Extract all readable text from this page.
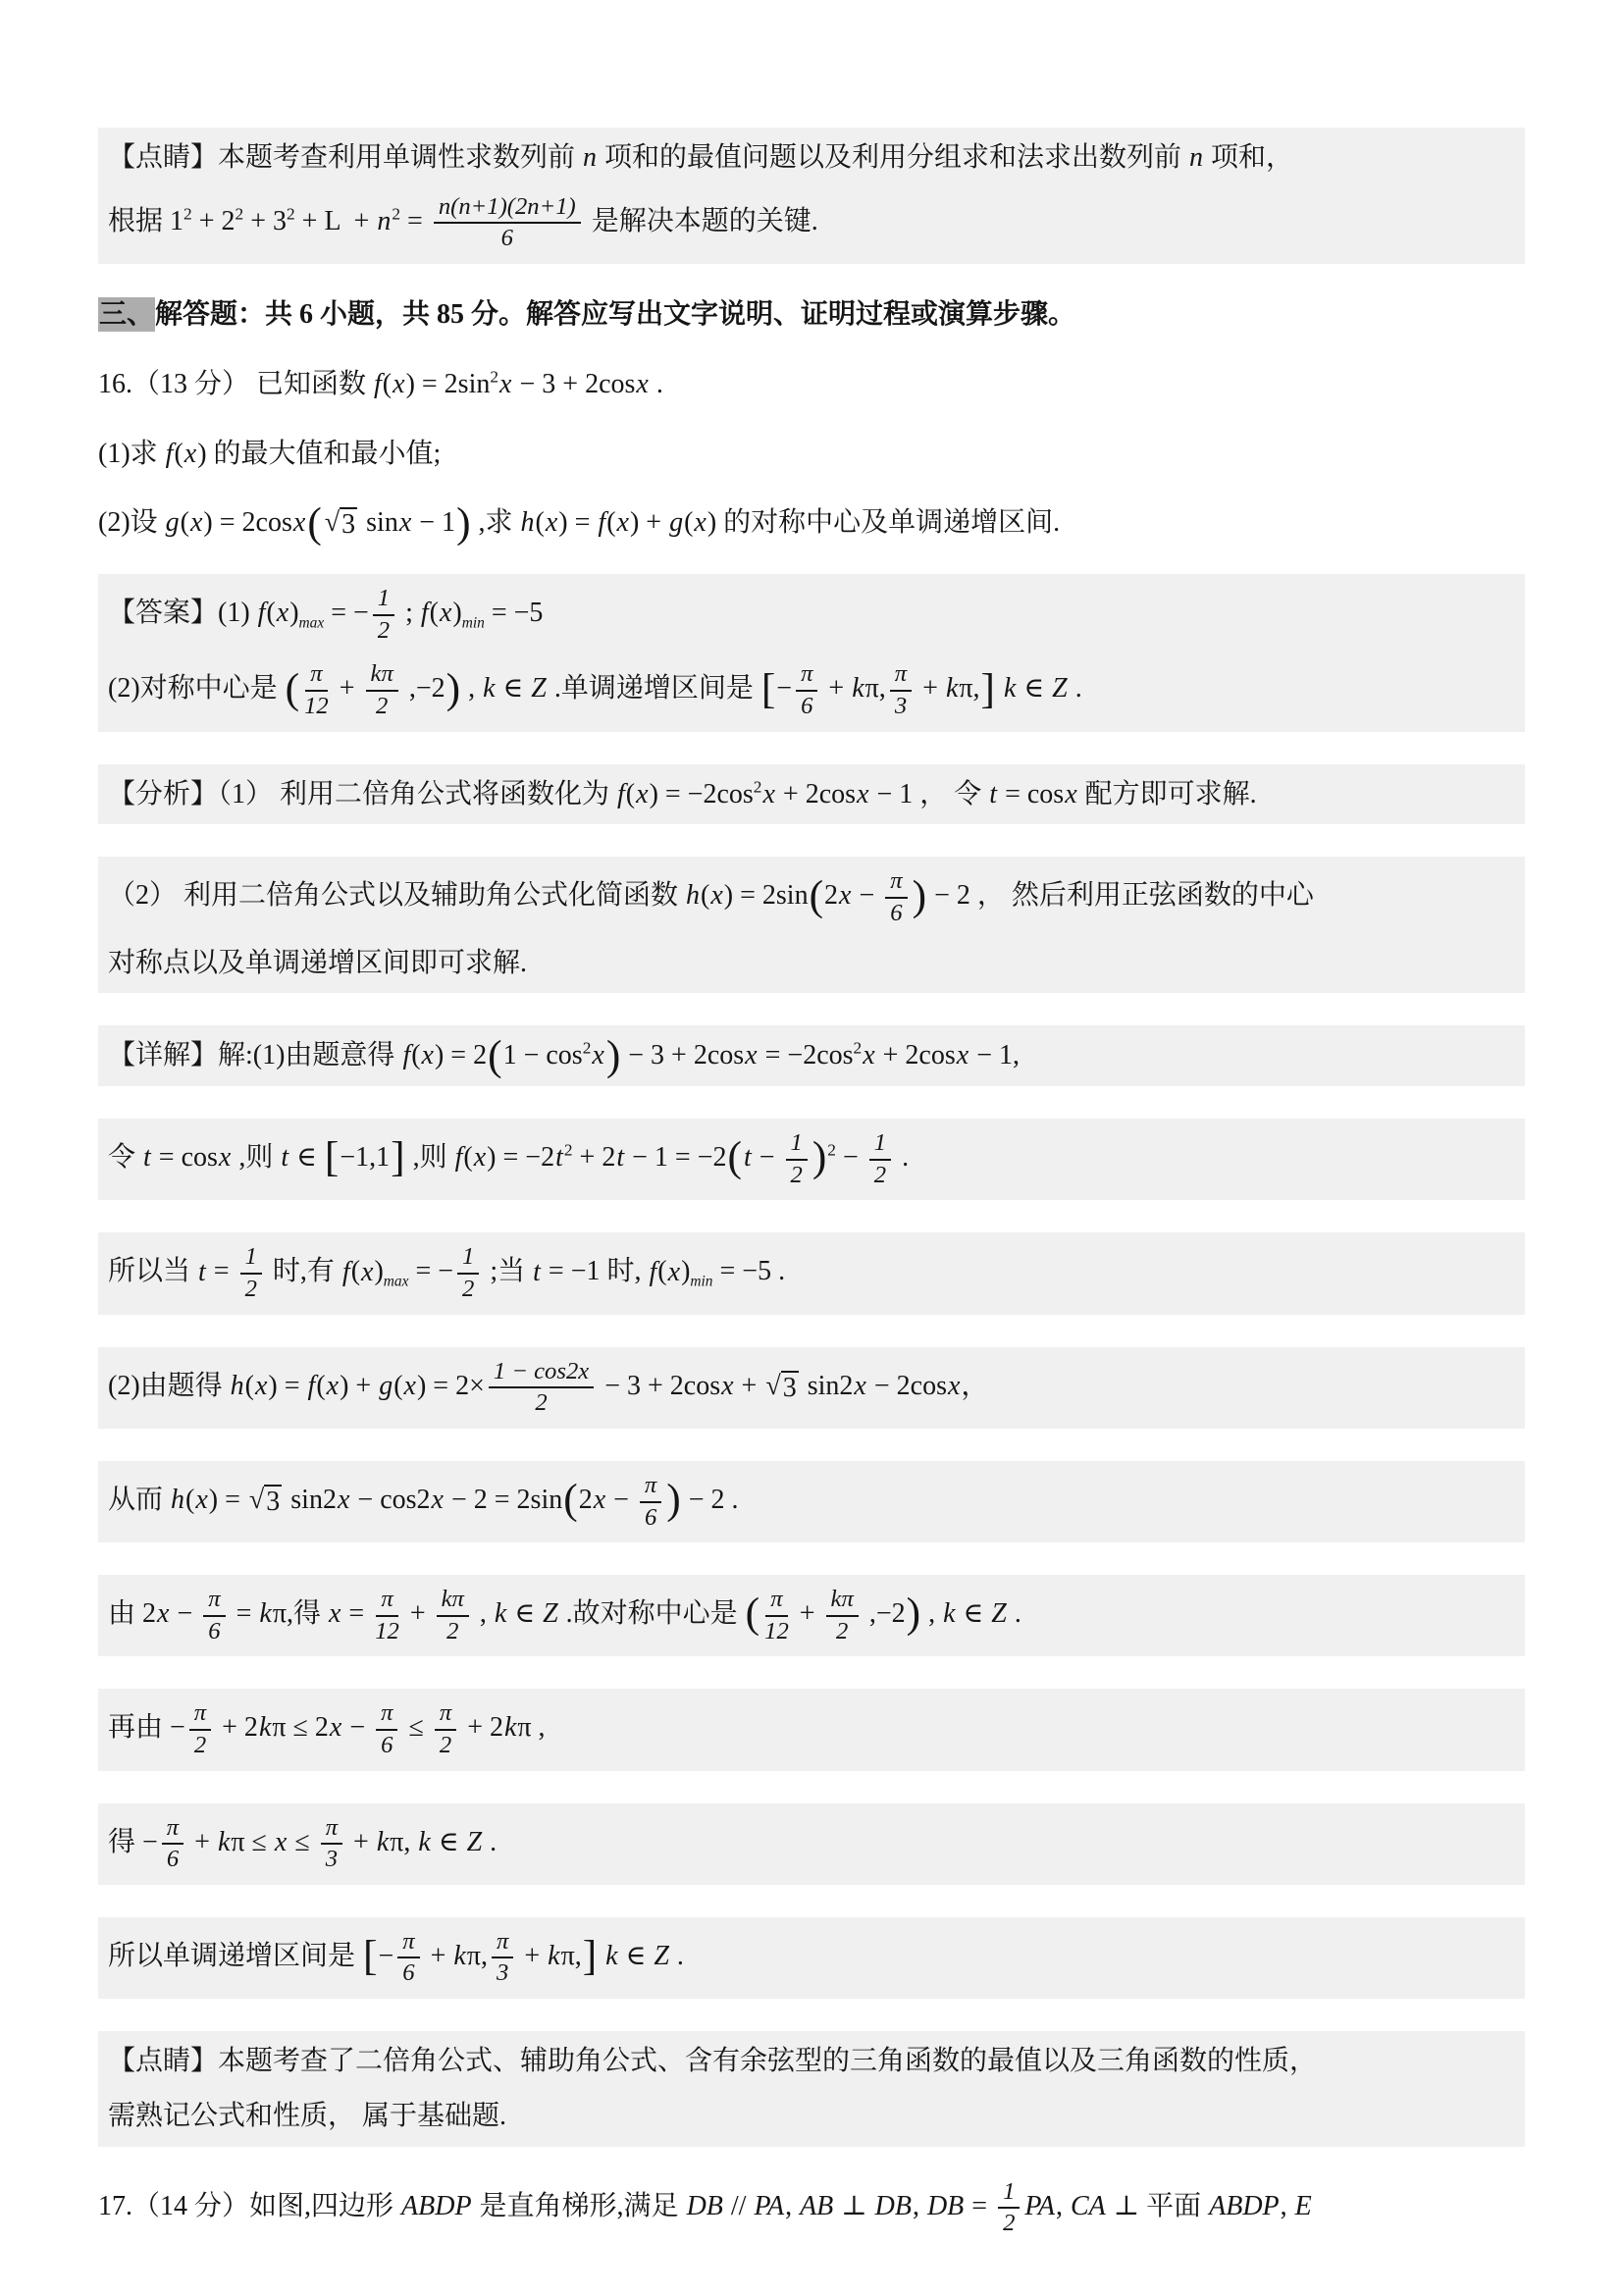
【点睛】本题考查利用单调性求数列前 n 项和的最值问题以及利用分组求和法求出数列前 n 项和，
根据 $1^2 + 2^2 + 3^2 + L + n^2 = \frac{n(n+1)(2n+1)}{6}$ 是解决本题的关键.
三、解答题：共 6 小题，共 85 分。解答应写出文字说明、证明过程或演算步骤。
16.（13 分） 已知函数 $f(x) = 2\sin^2x - 3 + 2\cos x$ .
(1)求 f(x) 的最大值和最小值;
(2)设 g(x) = 2cosx( √ 3 sinx − 1) ,求 h(x) = f(x) + g(x) 的对称中心及单调递增区间.
【答案】(1) $f(x)_{max}$ = − $\frac{1}{2}$ ; $f(x)_{min} = -5$
(2)对称中心是 ( $\frac{\pi}{12} + \frac{k\pi}{2} ,-2$) , k ∈ Z .单调递增区间是 [− $\frac{\pi}{6} + k\pi$, $\frac{\pi}{3} + k\pi$,] k ∈ Z .
【分析】（1） 利用二倍角公式将函数化为 $f(x) = -2\cos^2x + 2\cos x - 1$ ， 令 t = cosx 配方即可求解.
（2） 利用二倍角公式以及辅助角公式化简函数 $h(x) = 2\sin(2x - \frac{\pi}{6}$ ) − 2 ， 然后利用正弦函数的中心
对称点以及单调递增区间即可求解.
【详解】解:(1)由题意得 $f(x) = 2(1 - \cos^2x) - 3 + 2\cos x = -2\cos^2x + 2\cos x - 1$,
令 t = cosx ,则 t ∈ [−1,1] ,则 $f(x) = -2t^2 + 2t - 1 = -2(t - \frac{1}{2} )^2 - \frac{1}{2}$ .
所以当 $t = \frac{1}{2}$ 时,有 $f(x)_{max}$ = − $\frac{1}{2}$ ;当 t = −1 时, $f(x)_{min} = -5$ .
(2)由题得 $h(x) = f(x) + g(x) = 2\times \frac{1 - \cos 2x}{2} - 3 + 2\cos x$ + √ 3 sin2x − 2cosx，
从而 h(x) = √ 3 $\sin 2x - \cos 2x - 2 = 2\sin(2x - \frac{\pi}{6}$ ) − 2 .
由 $2x - \frac{\pi}{6} = k\pi$,得 $x = \frac{\pi}{12} + \frac{k\pi}{2}$ , k ∈ Z .故对称中心是 ( $\frac{\pi}{12} + \frac{k\pi}{2} ,-2$) , k ∈ Z .
再由 − $\frac{\pi}{2} + 2k\pi \le 2x - \frac{\pi}{6} \le \frac{\pi}{2} + 2k\pi$ ,
得 − $\frac{\pi}{6} + k\pi \le x \le \frac{\pi}{3} + k\pi$, k ∈ Z .
所以单调递增区间是 [− $\frac{\pi}{6} + k\pi$, $\frac{\pi}{3} + k\pi$,] k ∈ Z .
【点睛】本题考查了二倍角公式、辅助角公式、含有余弦型的三角函数的最值以及三角函数的性质，
需熟记公式和性质， 属于基础题.
17.（14 分）如图,四边形 ABDP 是直角梯形,满足 DB // PA, AB ⊥ DB, DB = $\frac{1}{2}$ PA, CA ⊥ 平面 ABDP, E
